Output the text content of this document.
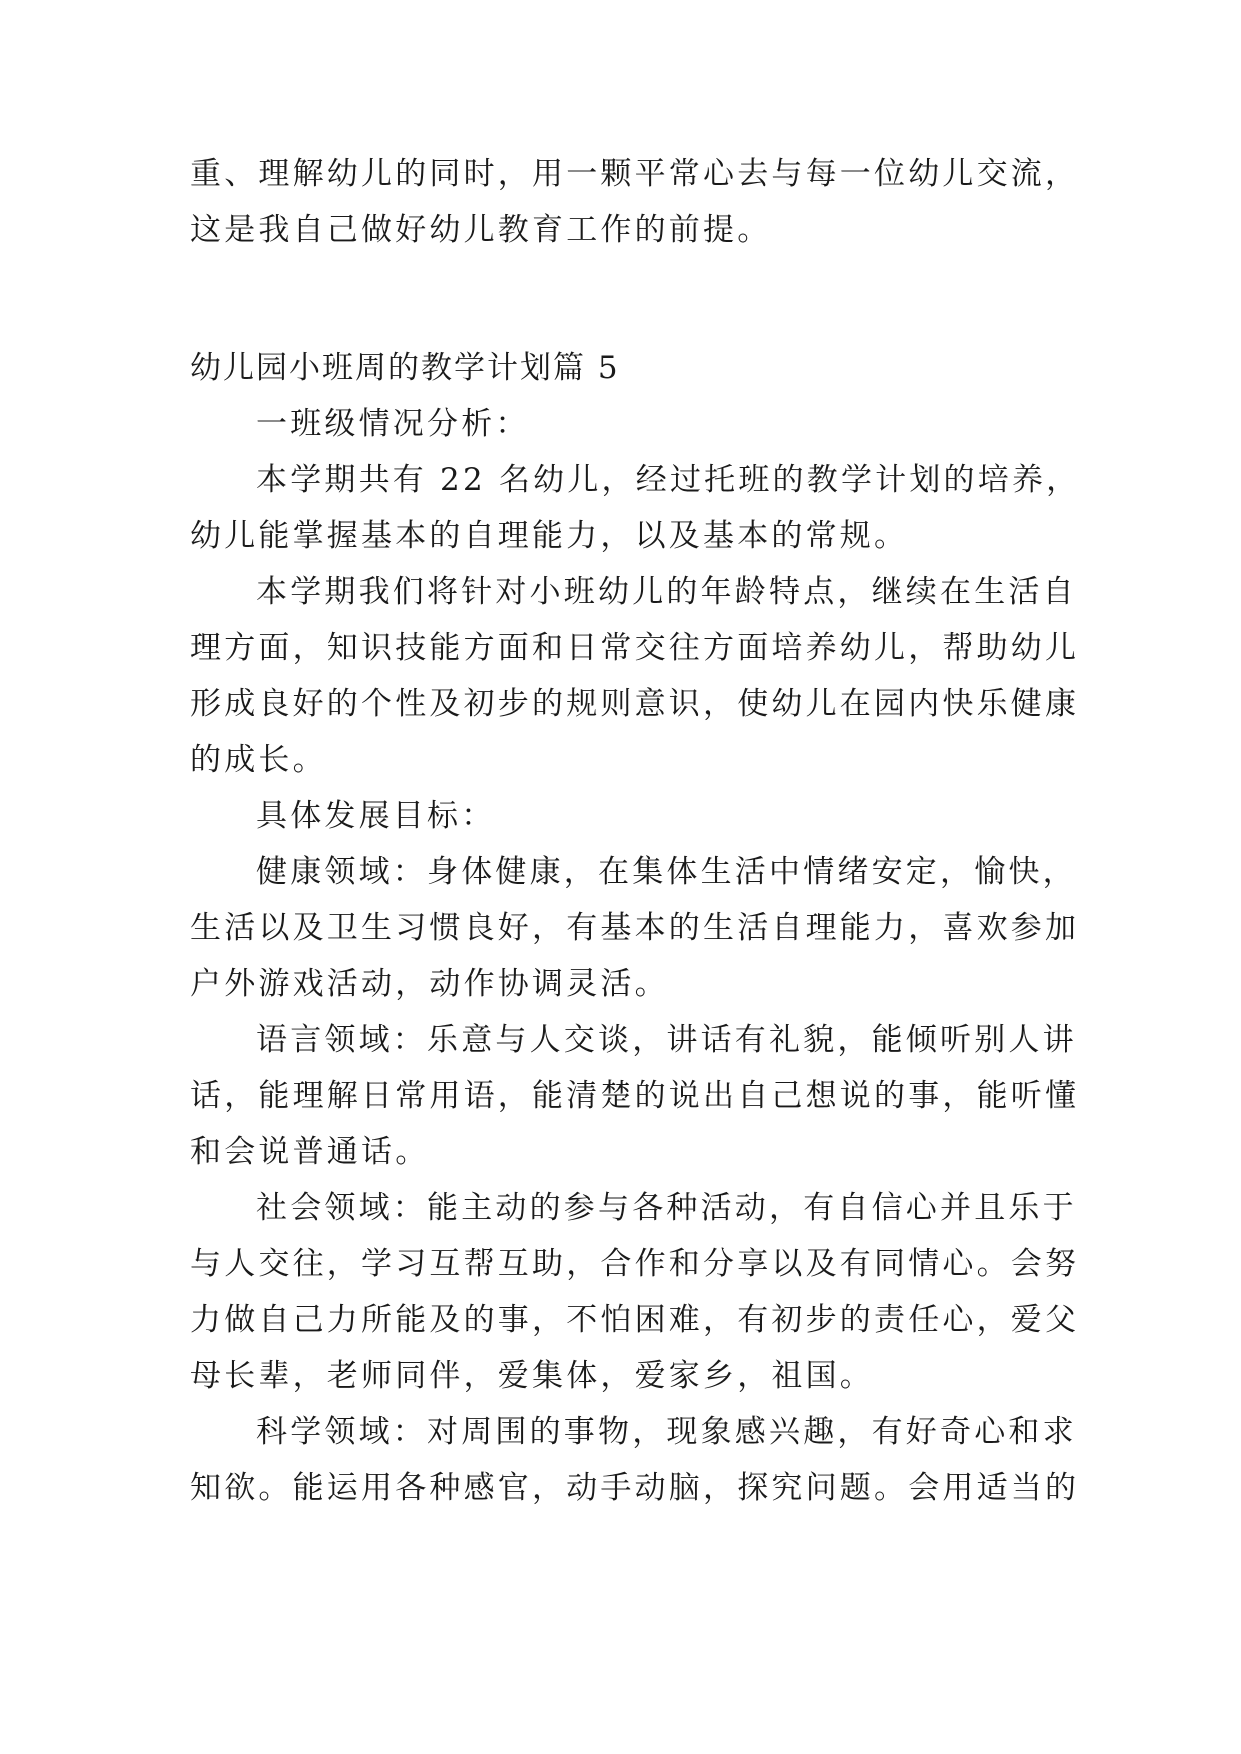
重、理解幼儿的同时，用一颗平常心去与每一位幼儿交流，
这是我自己做好幼儿教育工作的前提。
幼儿园小班周的教学计划篇 5
一班级情况分析：
本学期共有 22 名幼儿，经过托班的教学计划的培养，
幼儿能掌握基本的自理能力，以及基本的常规。
本学期我们将针对小班幼儿的年龄特点，继续在生活自
理方面，知识技能方面和日常交往方面培养幼儿，帮助幼儿
形成良好的个性及初步的规则意识，使幼儿在园内快乐健康
的成长。
具体发展目标：
健康领域：身体健康，在集体生活中情绪安定，愉快，
生活以及卫生习惯良好，有基本的生活自理能力，喜欢参加
户外游戏活动，动作协调灵活。
语言领域：乐意与人交谈，讲话有礼貌，能倾听别人讲
话，能理解日常用语，能清楚的说出自己想说的事，能听懂
和会说普通话。
社会领域：能主动的参与各种活动，有自信心并且乐于
与人交往，学习互帮互助，合作和分享以及有同情心。会努
力做自己力所能及的事，不怕困难，有初步的责任心，爱父
母长辈，老师同伴，爱集体，爱家乡，祖国。
科学领域：对周围的事物，现象感兴趣，有好奇心和求
知欲。能运用各种感官，动手动脑，探究问题。会用适当的
